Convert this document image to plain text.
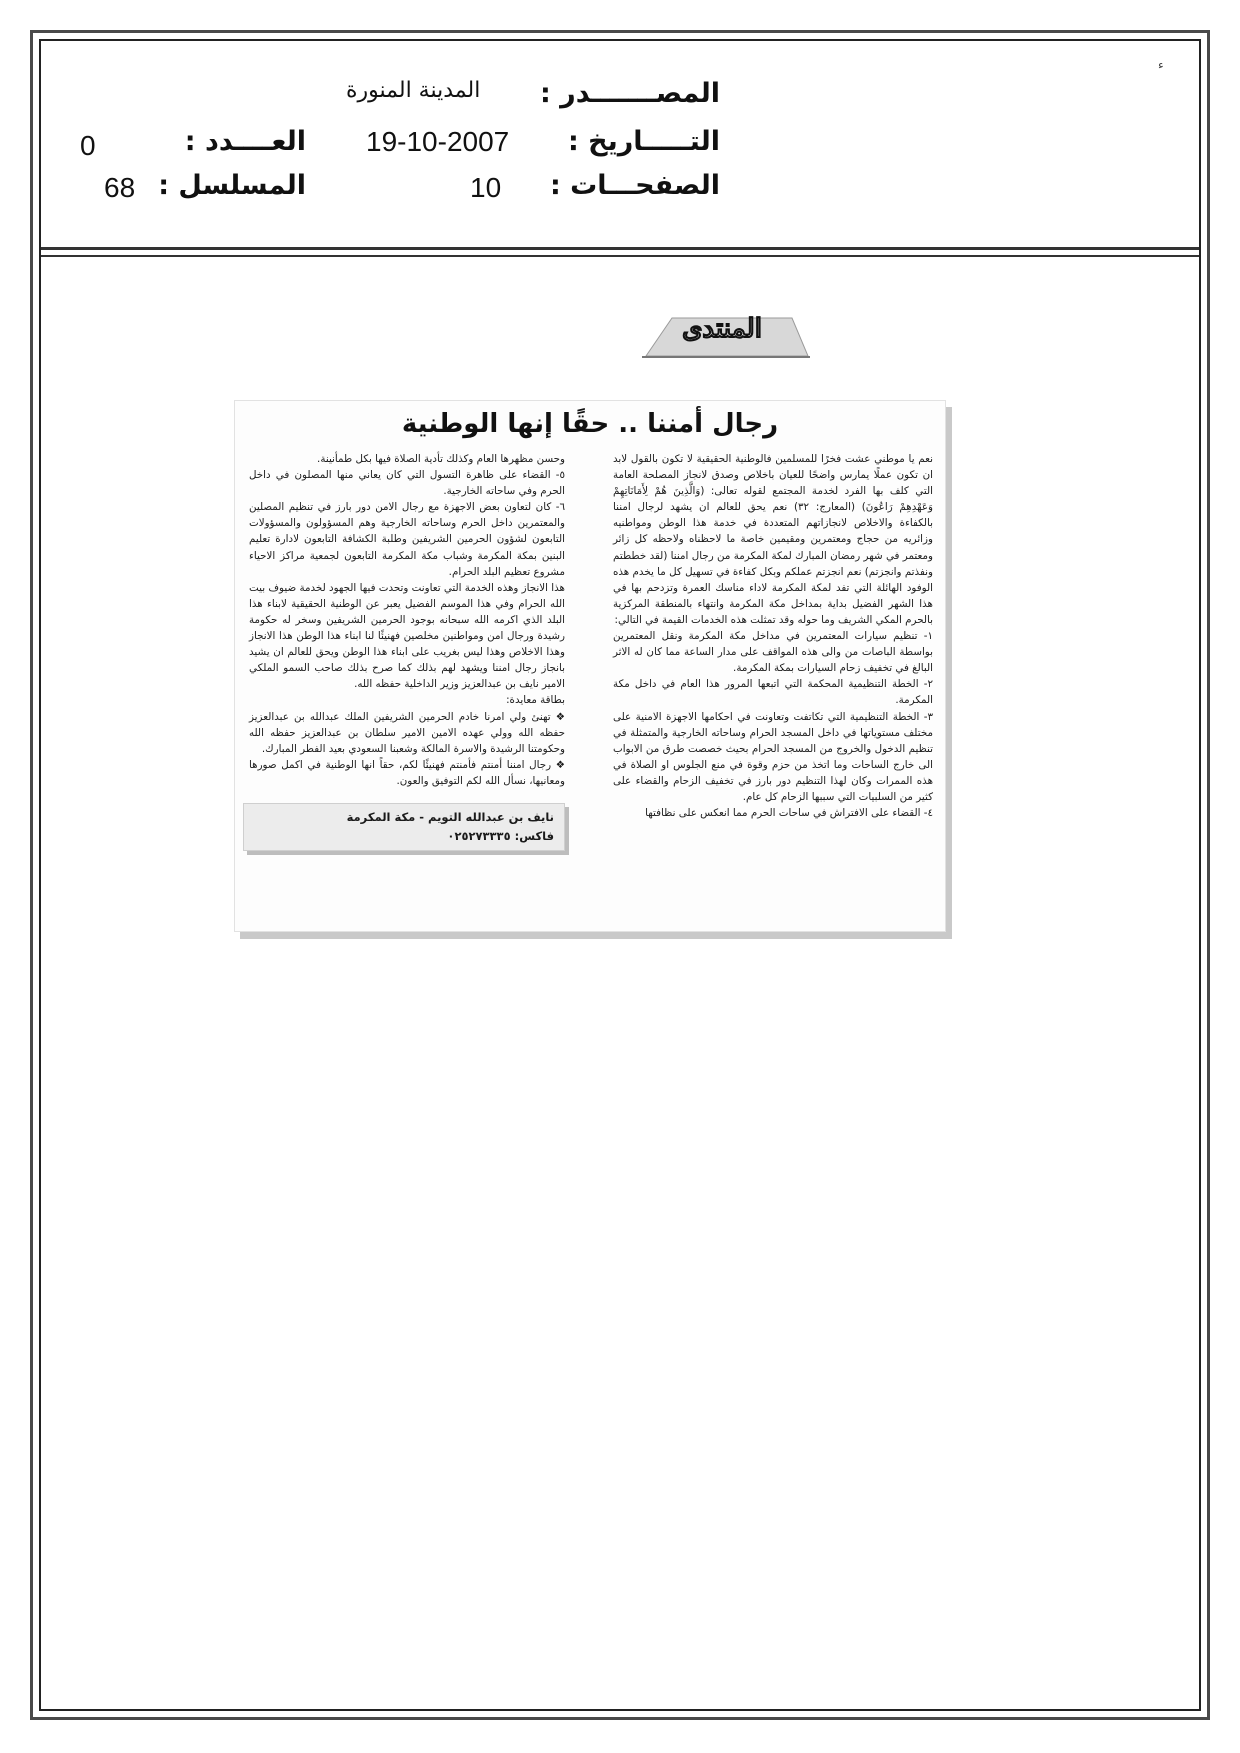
ء
المصـــــــدر :
التـــــاريخ :
الصفحـــات :
المدينة المنورة
19-10-2007
10
العــــدد :
المسلسل :
0
68
المنتدى
رجال أمننا .. حقًا إنها الوطنية

نعم يا موطني عشت فخرًا للمسلمين فالوطنية الحقيقية لا تكون بالقول لابد ان تكون عملًا يمارس واضحًا للعيان باخلاص وصدق لانجاز المصلحة العامة التي كلف بها الفرد لخدمة المجتمع لقوله تعالى: (وَالَّذِينَ هُمْ لِأَمَانَاتِهِمْ وَعَهْدِهِمْ رَاعُونَ) (المعارج: ٣٢) نعم يحق للعالم ان يشهد لرجال امننا بالكفاءة والاخلاص لانجازاتهم المتعددة في خدمة هذا الوطن ومواطنيه وزائريه من حجاج ومعتمرين ومقيمين خاصة ما لاحظناه ولاحظه كل زائر ومعتمر في شهر رمضان المبارك لمكة المكرمة من رجال امننا (لقد خططتم ونفذتم وانجزتم) نعم انجزتم عملكم وبكل كفاءة في تسهيل كل ما يخدم هذه الوفود الهائلة التي تفد لمكة المكرمة لاداء مناسك العمرة وتزدحم بها في هذا الشهر الفضيل بداية بمداخل مكة المكرمة وانتهاء بالمنطقة المركزية بالحرم المكي الشريف وما حوله وقد تمثلت هذه الخدمات القيمة في التالي:

١- تنظيم سيارات المعتمرين في مداخل مكة المكرمة ونقل المعتمرين بواسطة الباصات من والى هذه المواقف على مدار الساعة مما كان له الاثر البالغ في تخفيف زحام السيارات بمكة المكرمة.

٢- الخطة التنظيمية المحكمة التي اتبعها المرور هذا العام في داخل مكة المكرمة.

٣- الخطة التنظيمية التي تكاتفت وتعاونت في احكامها الاجهزة الامنية على مختلف مستوياتها في داخل المسجد الحرام وساحاته الخارجية والمتمثلة في تنظيم الدخول والخروج من المسجد الحرام بحيث خصصت طرق من الابواب الى خارج الساحات وما اتخذ من حزم وقوة في منع الجلوس او الصلاة في هذه الممرات وكان لهذا التنظيم دور بارز في تخفيف الزحام والقضاء على كثير من السلبيات التي سببها الزحام كل عام.

٤- القضاء على الافتراش في ساحات الحرم مما انعكس على نظافتها

وحسن مظهرها العام وكذلك تأدية الصلاة فيها بكل طمأنينة.

٥- القضاء على ظاهرة التسول التي كان يعاني منها المصلون في داخل الحرم وفي ساحاته الخارجية.

٦- كان لتعاون بعض الاجهزة مع رجال الامن دور بارز في تنظيم المصلين والمعتمرين داخل الحرم وساحاته الخارجية وهم المسؤولون والمسؤولات التابعون لشؤون الحرمين الشريفين وطلبة الكشافة التابعون لادارة تعليم البنين بمكة المكرمة وشباب مكة المكرمة التابعون لجمعية مراكز الاحياء مشروع تعظيم البلد الحرام.

هذا الانجاز وهذه الخدمة التي تعاونت وتحدت فيها الجهود لخدمة ضيوف بيت الله الحرام وفي هذا الموسم الفضيل يعبر عن الوطنية الحقيقية لابناء هذا البلد الذي اكرمه الله سبحانه بوجود الحرمين الشريفين وسخر له حكومة رشيدة ورجال امن ومواطنين مخلصين فهنيئًا لنا ابناء هذا الوطن هذا الانجاز وهذا الاخلاص وهذا ليس بغريب على ابناء هذا الوطن ويحق للعالم ان يشيد بانجاز رجال امننا ويشهد لهم بذلك كما صرح بذلك صاحب السمو الملكي الامير نايف بن عبدالعزيز وزير الداخلية حفظه الله.

بطاقة معايدة:

❖ تهنئ ولي امرنا خادم الحرمين الشريفين الملك عبدالله بن عبدالعزيز حفظه الله وولي عهده الامين الامير سلطان بن عبدالعزيز حفظه الله وحكومتنا الرشيدة والاسرة المالكة وشعبنا السعودي بعيد الفطر المبارك.

❖ رجال امننا أمنتم فأمنتم فهنيئًا لكم، حقاً انها الوطنية في اكمل صورها ومعانيها، نسأل الله لكم التوفيق والعون.

نايف بن عبدالله التويم - مكة المكرمة
فاكس: ٠٢٥٢٧٣٣٣٥
